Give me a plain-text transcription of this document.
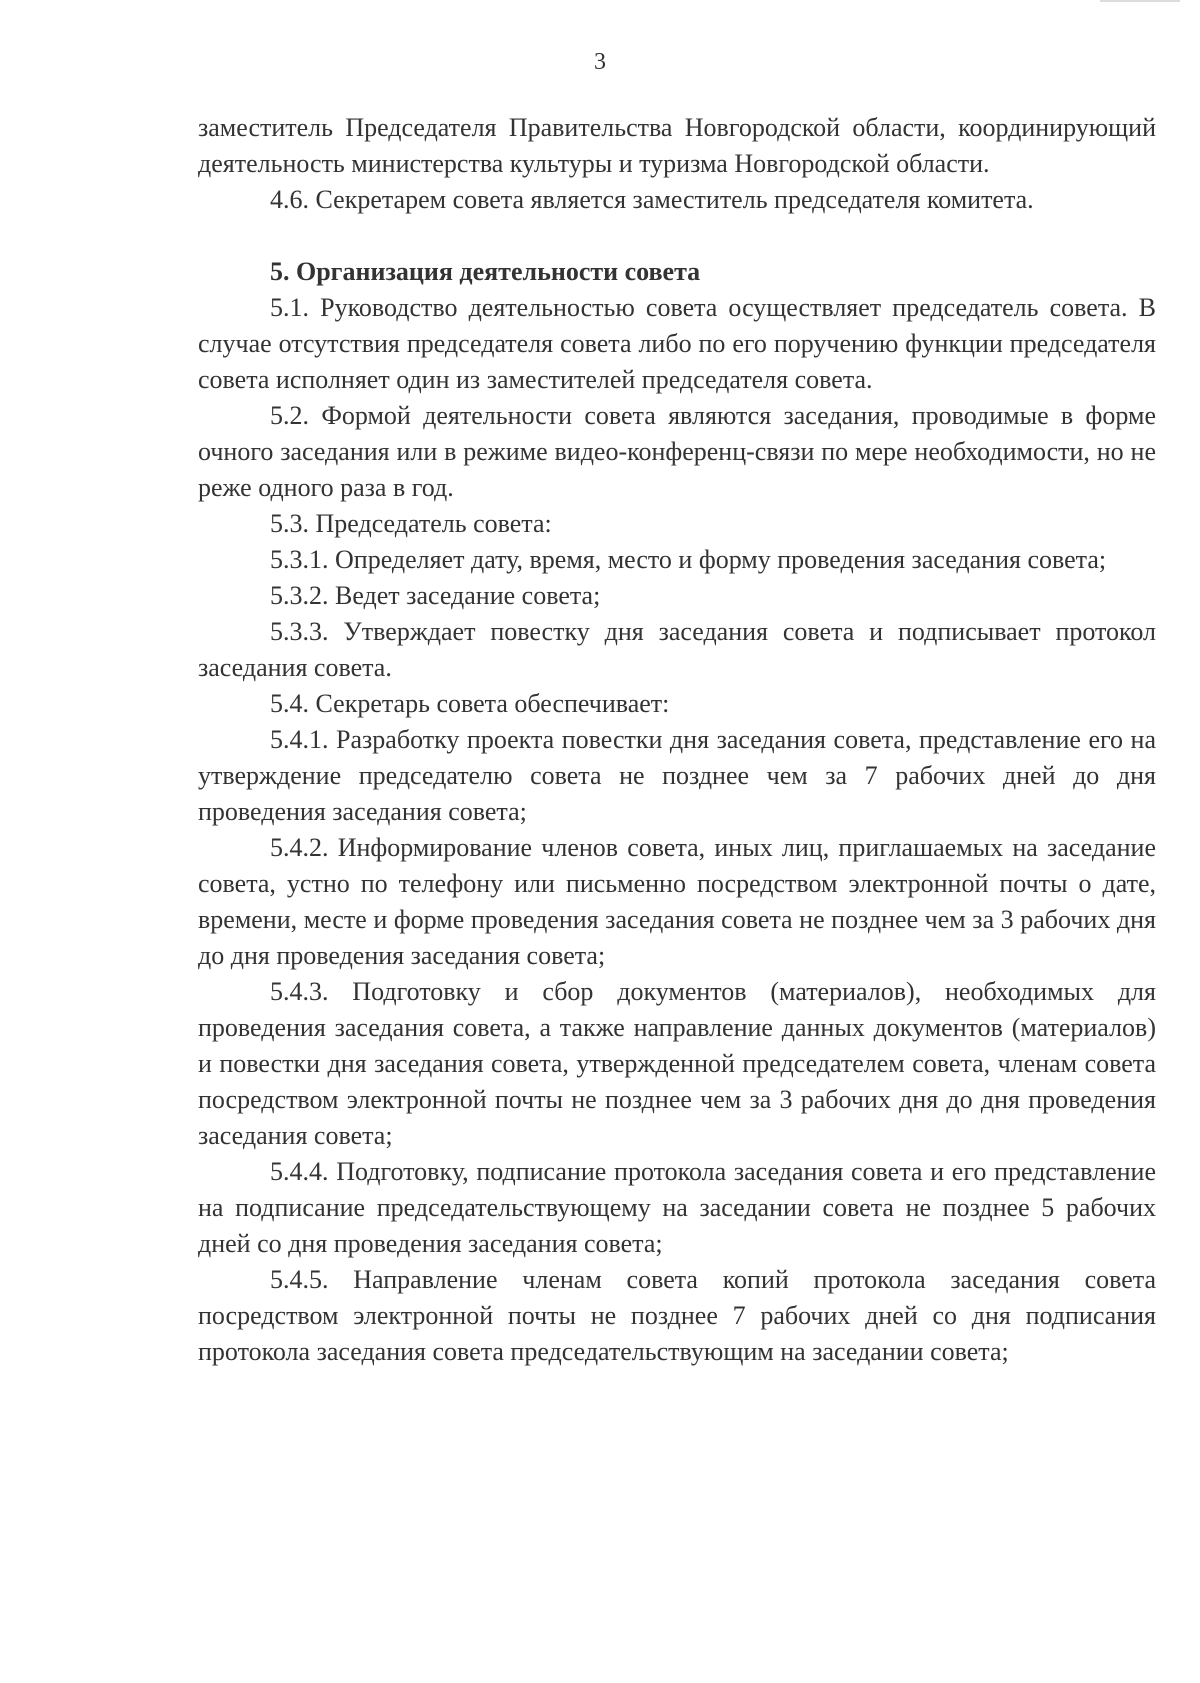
3

заместитель Председателя Правительства Новгородской области, координирующий деятельность министерства культуры и туризма Новгородской области.

4.6. Секретарем совета является заместитель председателя комитета.

5. Организация деятельности совета

5.1. Руководство деятельностью совета осуществляет председатель совета. В случае отсутствия председателя совета либо по его поручению функции председателя совета исполняет один из заместителей председателя совета.

5.2. Формой деятельности совета являются заседания, проводимые в форме очного заседания или в режиме видео-конференц-связи по мере необходимости, но не реже одного раза в год.

5.3. Председатель совета:

5.3.1. Определяет дату, время, место и форму проведения заседания совета;

5.3.2. Ведет заседание совета;

5.3.3. Утверждает повестку дня заседания совета и подписывает протокол заседания совета.

5.4. Секретарь совета обеспечивает:

5.4.1. Разработку проекта повестки дня заседания совета, представление его на утверждение председателю совета не позднее чем за 7 рабочих дней до дня проведения заседания совета;

5.4.2. Информирование членов совета, иных лиц, приглашаемых на заседание совета, устно по телефону или письменно посредством электронной почты о дате, времени, месте и форме проведения заседания совета не позднее чем за 3 рабочих дня до дня проведения заседания совета;

5.4.3. Подготовку и сбор документов (материалов), необходимых для проведения заседания совета, а также направление данных документов (материалов) и повестки дня заседания совета, утвержденной председателем совета, членам совета посредством электронной почты не позднее чем за 3 рабочих дня до дня проведения заседания совета;

5.4.4. Подготовку, подписание протокола заседания совета и его представление на подписание председательствующему на заседании совета не позднее 5 рабочих дней со дня проведения заседания совета;

5.4.5. Направление членам совета копий протокола заседания совета посредством электронной почты не позднее 7 рабочих дней со дня подписания протокола заседания совета председательствующим на заседании совета;
